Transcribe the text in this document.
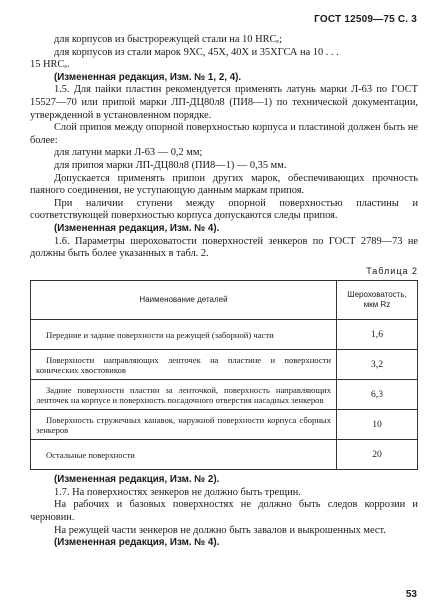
ГОСТ 12509—75 С. 3

для корпусов из быстрорежущей стали на 10 HRCₑ;

для корпусов из стали марок 9ХС, 45Х, 40Х и 35ХГСА на 10 . . .

15 HRCₑ.

(Измененная редакция, Изм. № 1, 2, 4).

1.5. Для пайки пластин рекомендуется применять латунь марки Л-63 по ГОСТ 15527—70 или припой марки ЛП-ДЦ80л8 (ПИ8—1) по технической документации, утвержденной в установленном порядке.

Слой припоя между опорной поверхностью корпуса и пластиной должен быть не более:

для латуни марки Л-63 — 0,2 мм;

для припоя марки ЛП-ДЦ80л8 (ПИ8—1) — 0,35 мм.

Допускается применять припои других марок, обеспечивающих прочность паяного соединения, не уступающую данным маркам припоя.

При наличии ступени между опорной поверхностью пластины и соответствующей поверхностью корпуса допускаются следы припоя.

(Измененная редакция, Изм. № 4).

1.6. Параметры шероховатости поверхностей зенкеров по ГОСТ 2789—73 не должны быть более указанных в табл. 2.

Таблица 2
Наименование деталей	Шероховатость, мкм Rz
Передние и задние поверхности на режущей (заборной) части	1,6
Поверхности направляющих ленточек на пластине и поверхности конических хвостовиков	3,2
Задние поверхности пластин за ленточкой, поверхность направляющих ленточек на корпусе и поверхность посадочного отверстия насадных зенкеров	6,3
Поверхность стружечных канавок, наружной поверхности корпуса сборных зенкеров	10
Остальные поверхности	20

(Измененная редакция, Изм. № 2).

1.7. На поверхностях зенкеров не должно быть трещин.

На рабочих и базовых поверхностях не должно быть следов коррозии и черновин.

На режущей части зенкеров не должно быть завалов и выкрошенных мест.

(Измененная редакция, Изм. № 4).

53
